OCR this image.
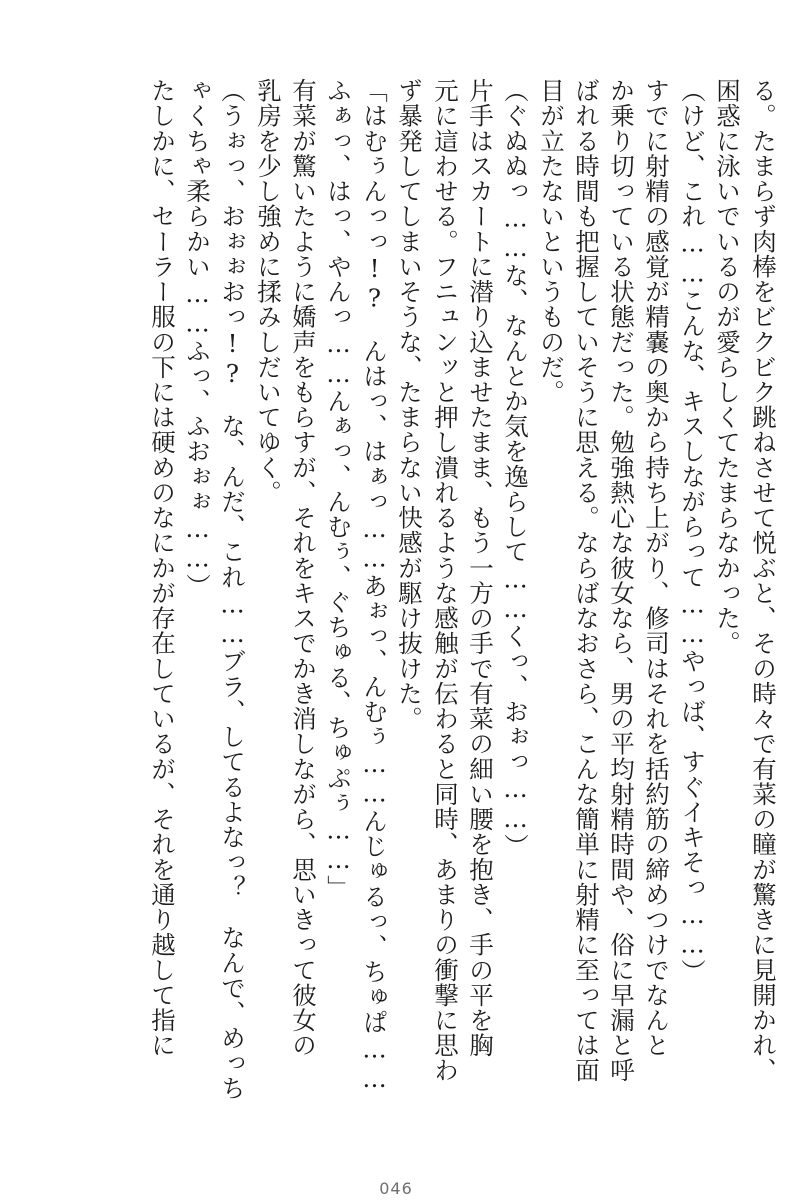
る。たまらず肉棒をビクビク跳ねさせて悦ぶと、その時々で有菜の瞳が驚きに見開かれ、
困惑に泳いでいるのが愛らしくてたまらなかった。
（けど、これ……こんな、キスしながらって……やっば、すぐイキそっ……）
すでに射精の感覚が精嚢の奥から持ち上がり、修司はそれを括約筋の締めつけでなんと
か乗り切っている状態だった。勉強熱心な彼女なら、男の平均射精時間や、俗に早漏と呼
ばれる時間も把握していそうに思える。ならばなおさら、こんな簡単に射精に至っては面
目が立たないというものだ。
（ぐぬぬっ……な、なんとか気を逸らして……くっ、おぉっ……）
片手はスカートに潜り込ませたまま、もう一方の手で有菜の細い腰を抱き、手の平を胸
元に這わせる。フニュンッと押し潰れるような感触が伝わると同時、あまりの衝撃に思わ
ず暴発してしまいそうな、たまらない快感が駆け抜けた。
「はむぅんっっ!?　んはっ、はぁっ……あぉっ、んむぅ……んじゅるっ、ちゅぱ……
ふぁっ、はっ、やんっ……んぁっ、んむぅ、ぐちゅる、ちゅぷぅ……」
有菜が驚いたように嬌声をもらすが、それをキスでかき消しながら、思いきって彼女の
乳房を少し強めに揉みしだいてゆく。
（うぉっ、おぉぉおっ!?　な、んだ、これ……ブラ、してるよなっ？　なんで、めっち
ゃくちゃ柔らかい……ふっ、ふおぉぉ……）
たしかに、セーラー服の下には硬めのなにかが存在しているが、それを通り越して指に
046
